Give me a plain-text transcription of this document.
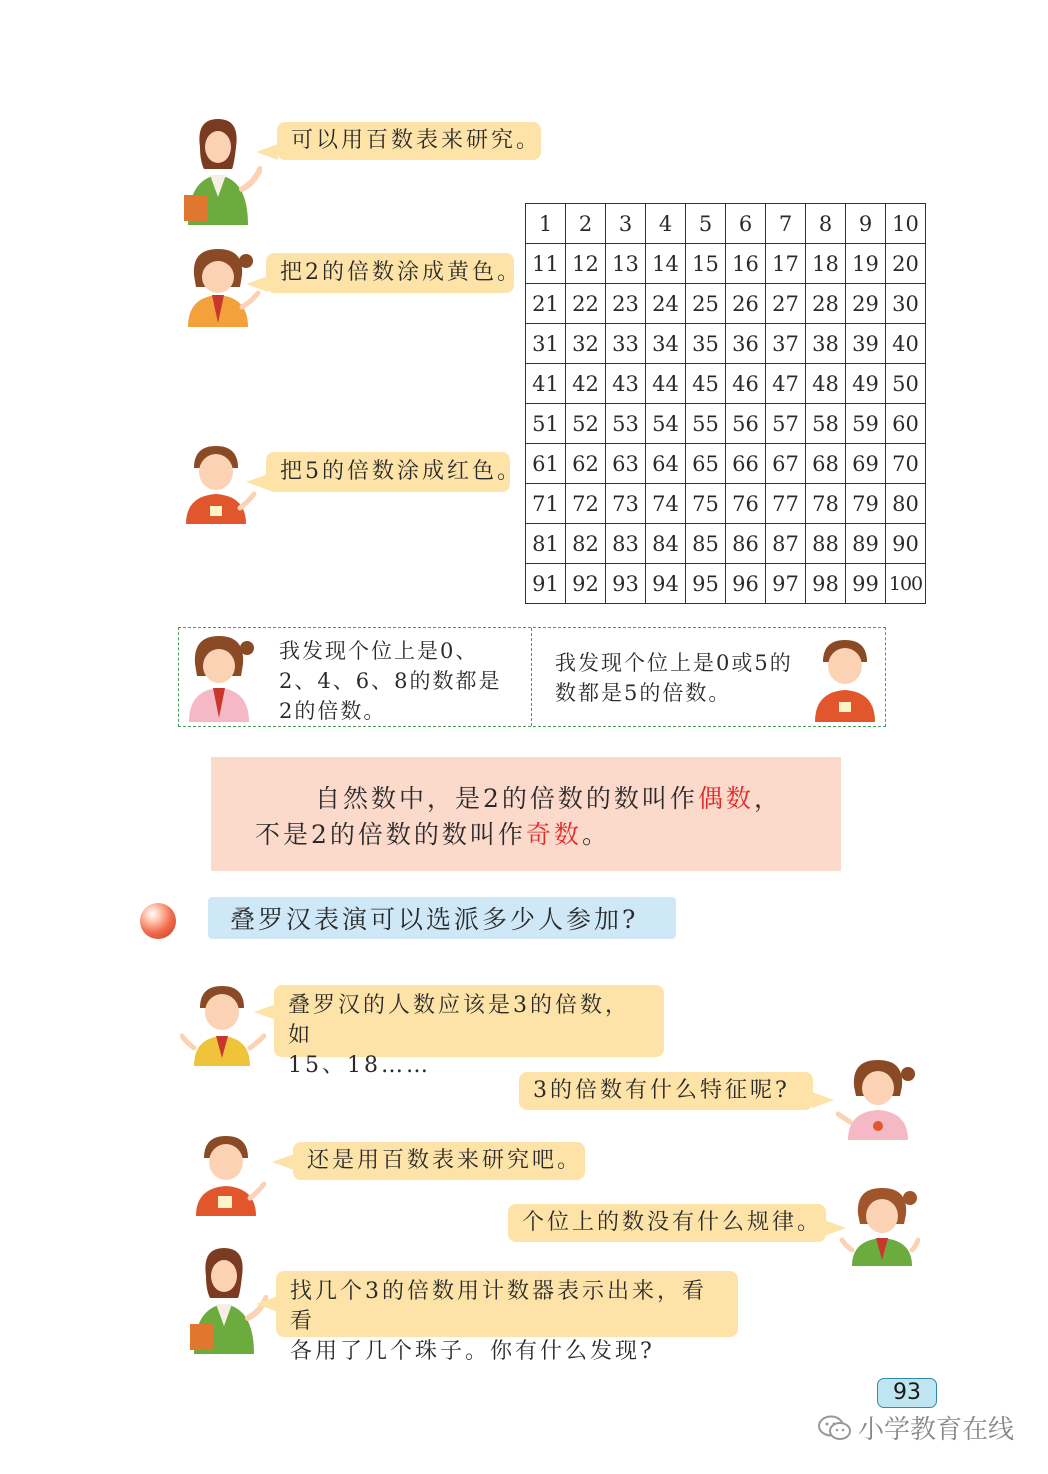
可以用百数表来研究。
把2的倍数涂成黄色。
把5的倍数涂成红色。
1	2	3	4	5	6	7	8	9	10
11	12	13	14	15	16	17	18	19	20
21	22	23	24	25	26	27	28	29	30
31	32	33	34	35	36	37	38	39	40
41	42	43	44	45	46	47	48	49	50
51	52	53	54	55	56	57	58	59	60
61	62	63	64	65	66	67	68	69	70
71	72	73	74	75	76	77	78	79	80
81	82	83	84	85	86	87	88	89	90
91	92	93	94	95	96	97	98	99	100
我发现个位上是0、
2、4、6、8的数都是
2的倍数。
我发现个位上是0或5的
数都是5的倍数。
自然数中，是2的倍数的数叫作偶数，
不是2的倍数的数叫作奇数。
叠罗汉表演可以选派多少人参加?
叠罗汉的人数应该是3的倍数，如
15、18……
3的倍数有什么特征呢?
还是用百数表来研究吧。
个位上的数没有什么规律。
找几个3的倍数用计数器表示出来，看看
各用了几个珠子。你有什么发现?
93
小学教育在线
